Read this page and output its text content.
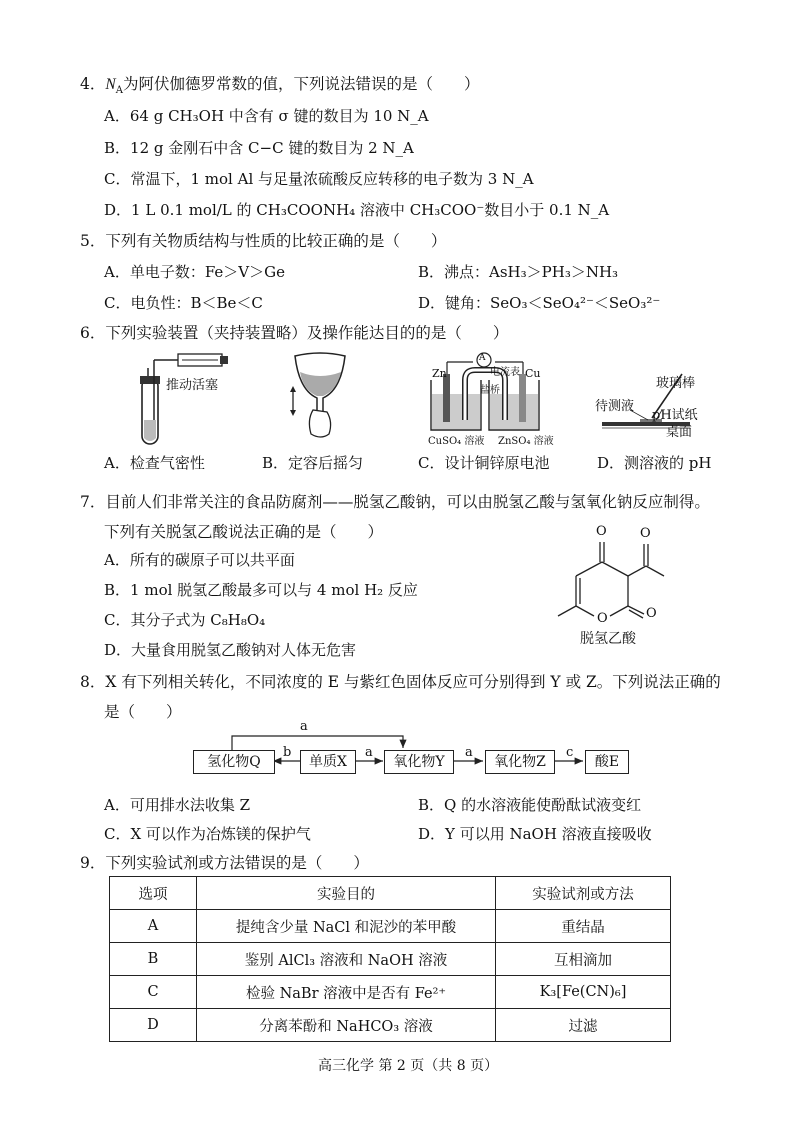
4．$N_A$为阿伏伽德罗常数的值，下列说法错误的是（　　）
A．64 g CH₃OH 中含有 σ 键的数目为 10 N_A
B．12 g 金刚石中含 C−C 键的数目为 2 N_A
C．常温下，1 mol Al 与足量浓硫酸反应转移的电子数为 3 N_A
D．1 L 0.1 mol/L 的 CH₃COONH₄ 溶液中 CH₃COO⁻数目小于 0.1 N_A
5．下列有关物质结构与性质的比较正确的是（　　）
A．单电子数：Fe＞V＞Ge	B．沸点：AsH₃＞PH₃＞NH₃
C．电负性：B＜Be＜C	D．键角：SeO₃＜SeO₄²⁻＜SeO₃²⁻
6．下列实验装置（夹持装置略）及操作能达目的的是（　　）
推动活塞
A
电流表
Zn	Cu
盐桥
CuSO₄ 溶液 ZnSO₄ 溶液
玻璃棒
待测液
pH试纸
桌面
A．检查气密性	B．定容后摇匀	C．设计铜锌原电池	D．测溶液的 pH
7．目前人们非常关注的食品防腐剂——脱氢乙酸钠，可以由脱氢乙酸与氢氧化钠反应制得。
下列有关脱氢乙酸说法正确的是（　　）
A．所有的碳原子可以共平面
B．1 mol 脱氢乙酸最多可以与 4 mol H₂ 反应
C．其分子式为 C₈H₈O₄
D．大量食用脱氢乙酸钠对人体无危害
O	O
O	O
脱氢乙酸
8．X 有下列相关转化，不同浓度的 E 与紫红色固体反应可分别得到 Y 或 Z。下列说法正确的
是（　　）
氢化物Q	单质X	氧化物Y	氧化物Z	酸E
a
b	a	a	c
A．可用排水法收集 Z	B．Q 的水溶液能使酚酞试液变红
C．X 可以作为冶炼镁的保护气	D．Y 可以用 NaOH 溶液直接吸收
9．下列实验试剂或方法错误的是（　　）
选项	实验目的	实验试剂或方法
A	提纯含少量 NaCl 和泥沙的苯甲酸	重结晶
B	鉴别 AlCl₃ 溶液和 NaOH 溶液	互相滴加
C	检验 NaBr 溶液中是否有 Fe²⁺	K₃[Fe(CN)₆]
D	分离苯酚和 NaHCO₃ 溶液	过滤
高三化学 第 2 页（共 8 页）
